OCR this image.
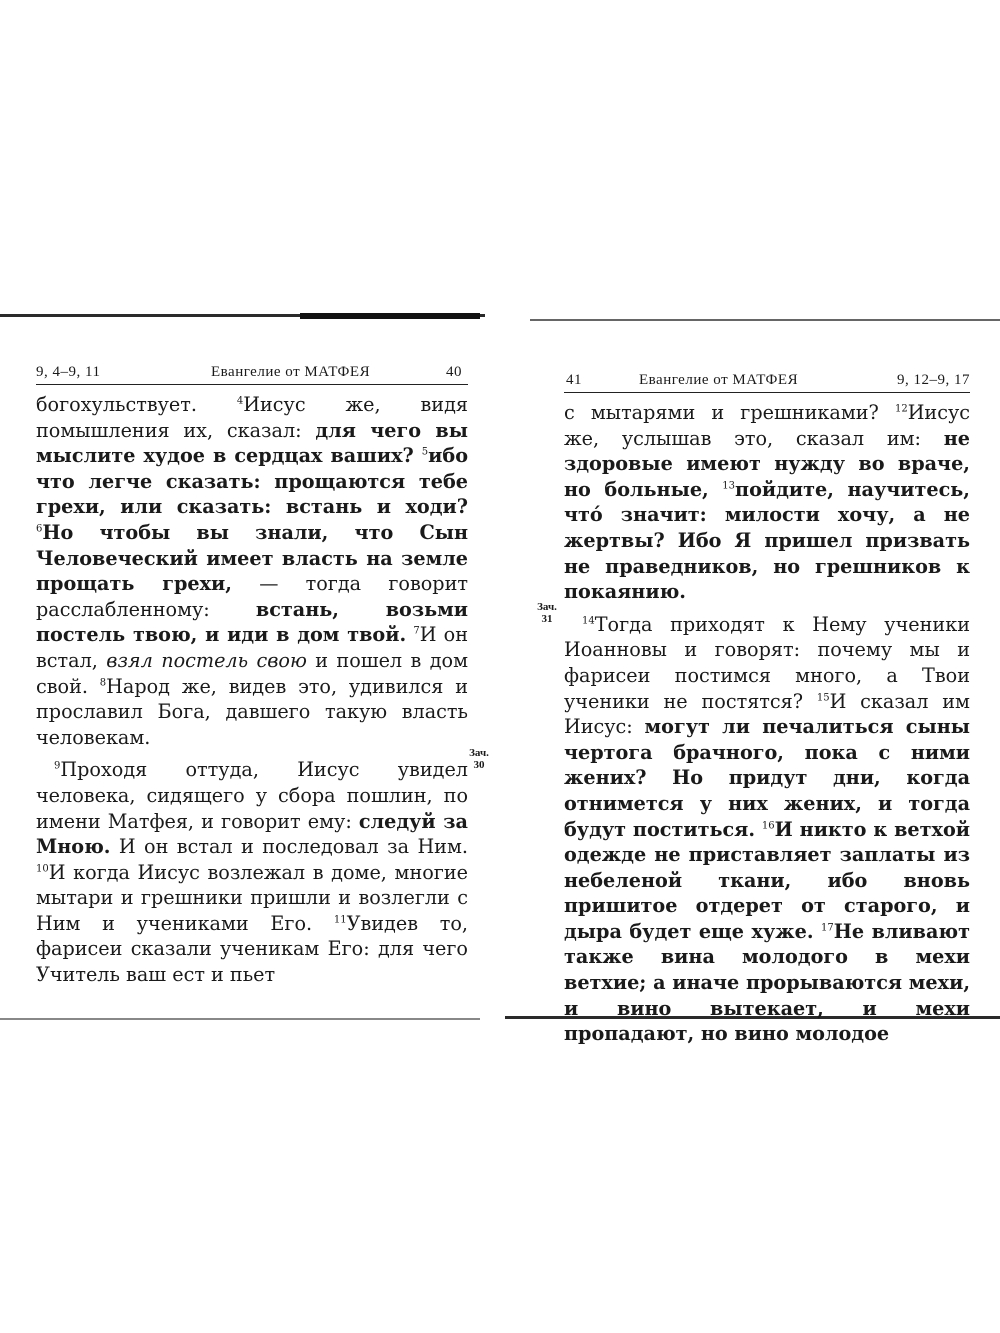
9, 4–9, 11	Евангелие от МАТФЕЯ	40
богохульствует. $^4$Иисус же, видя помышления их, сказал: для чего вы мыслите худое в сердцах ваших? $^5$ибо что легче сказать: прощаются тебе грехи, или сказать: встань и ходи? $^6$Но чтобы вы знали, что Сын Человеческий имеет власть на земле прощать грехи, — тогда говорит расслабленному: встань, возьми постель твою, и иди в дом твой. $^7$И он встал, взял постель свою и пошел в дом свой. $^8$Народ же, видев это, удивился и прославил Бога, давшего такую власть человекам.
$^9$Проходя оттуда, Иисус увидел человека, сидящего у сбора пошлин, по имени Матфея, и говорит ему: следуй за Мною. И он встал и последовал за Ним. $^{10}$И когда Иисус возлежал в доме, многие мытари и грешники пришли и возлегли с Ним и учениками Его. $^{11}$Увидев то, фарисеи сказали ученикам Его: для чего Учитель ваш ест и пьет
Зач.
30
41	Евангелие от МАТФЕЯ	9, 12–9, 17
с мытарями и грешниками? $^{12}$Иисус же, услышав это, сказал им: не здоровые имеют нужду во враче, но больные, $^{13}$пойдите, научитесь, что́ значит: милости хочу, а не жертвы? Ибо Я пришел призвать не праведников, но грешников к покаянию.
$^{14}$Тогда приходят к Нему ученики Иоанновы и говорят: почему мы и фарисеи постимся много, а Твои ученики не постятся? $^{15}$И сказал им Иисус: могут ли печалиться сыны чертога брачного, пока с ними жених? Но придут дни, когда отнимется у них жених, и тогда будут поститься. $^{16}$И никто к ветхой одежде не приставляет заплаты из небеленой ткани, ибо вновь пришитое отдерет от старого, и дыра будет еще хуже. $^{17}$Не вливают также вина молодого в мехи ветхие; а иначе прорываются мехи, и вино вытекает, и мехи пропадают, но вино молодое
Зач.
31
